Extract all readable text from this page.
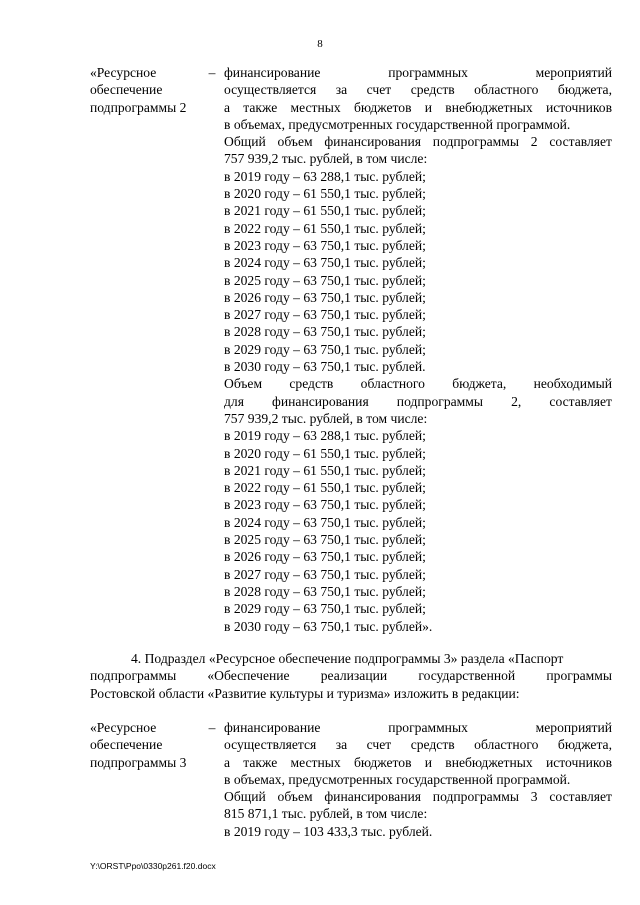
8
«Ресурсное
обеспечение
подпрограммы 2
– финансирование программных мероприятий
осуществляется за счет средств областного бюджета,
а также местных бюджетов и внебюджетных источников
в объемах, предусмотренных государственной программой.
Общий объем финансирования подпрограммы 2 составляет
757 939,2 тыс. рублей, в том числе:
в 2019 году – 63 288,1 тыс. рублей;
в 2020 году – 61 550,1 тыс. рублей;
в 2021 году – 61 550,1 тыс. рублей;
в 2022 году – 61 550,1 тыс. рублей;
в 2023 году – 63 750,1 тыс. рублей;
в 2024 году – 63 750,1 тыс. рублей;
в 2025 году – 63 750,1 тыс. рублей;
в 2026 году – 63 750,1 тыс. рублей;
в 2027 году – 63 750,1 тыс. рублей;
в 2028 году – 63 750,1 тыс. рублей;
в 2029 году – 63 750,1 тыс. рублей;
в 2030 году – 63 750,1 тыс. рублей.
Объем средств областного бюджета, необходимый
для финансирования подпрограммы 2, составляет
757 939,2 тыс. рублей, в том числе:
в 2019 году – 63 288,1 тыс. рублей;
в 2020 году – 61 550,1 тыс. рублей;
в 2021 году – 61 550,1 тыс. рублей;
в 2022 году – 61 550,1 тыс. рублей;
в 2023 году – 63 750,1 тыс. рублей;
в 2024 году – 63 750,1 тыс. рублей;
в 2025 году – 63 750,1 тыс. рублей;
в 2026 году – 63 750,1 тыс. рублей;
в 2027 году – 63 750,1 тыс. рублей;
в 2028 году – 63 750,1 тыс. рублей;
в 2029 году – 63 750,1 тыс. рублей;
в 2030 году – 63 750,1 тыс. рублей».
4. Подраздел «Ресурсное обеспечение подпрограммы 3» раздела «Паспорт
подпрограммы «Обеспечение реализации государственной программы
Ростовской области «Развитие культуры и туризма» изложить в редакции:
«Ресурсное
обеспечение
подпрограммы 3
– финансирование программных мероприятий
осуществляется за счет средств областного бюджета,
а также местных бюджетов и внебюджетных источников
в объемах, предусмотренных государственной программой.
Общий объем финансирования подпрограммы 3 составляет
815 871,1 тыс. рублей, в том числе:
в 2019 году – 103 433,3 тыс. рублей.
Y:\ORST\Ppo\0330p261.f20.docx
